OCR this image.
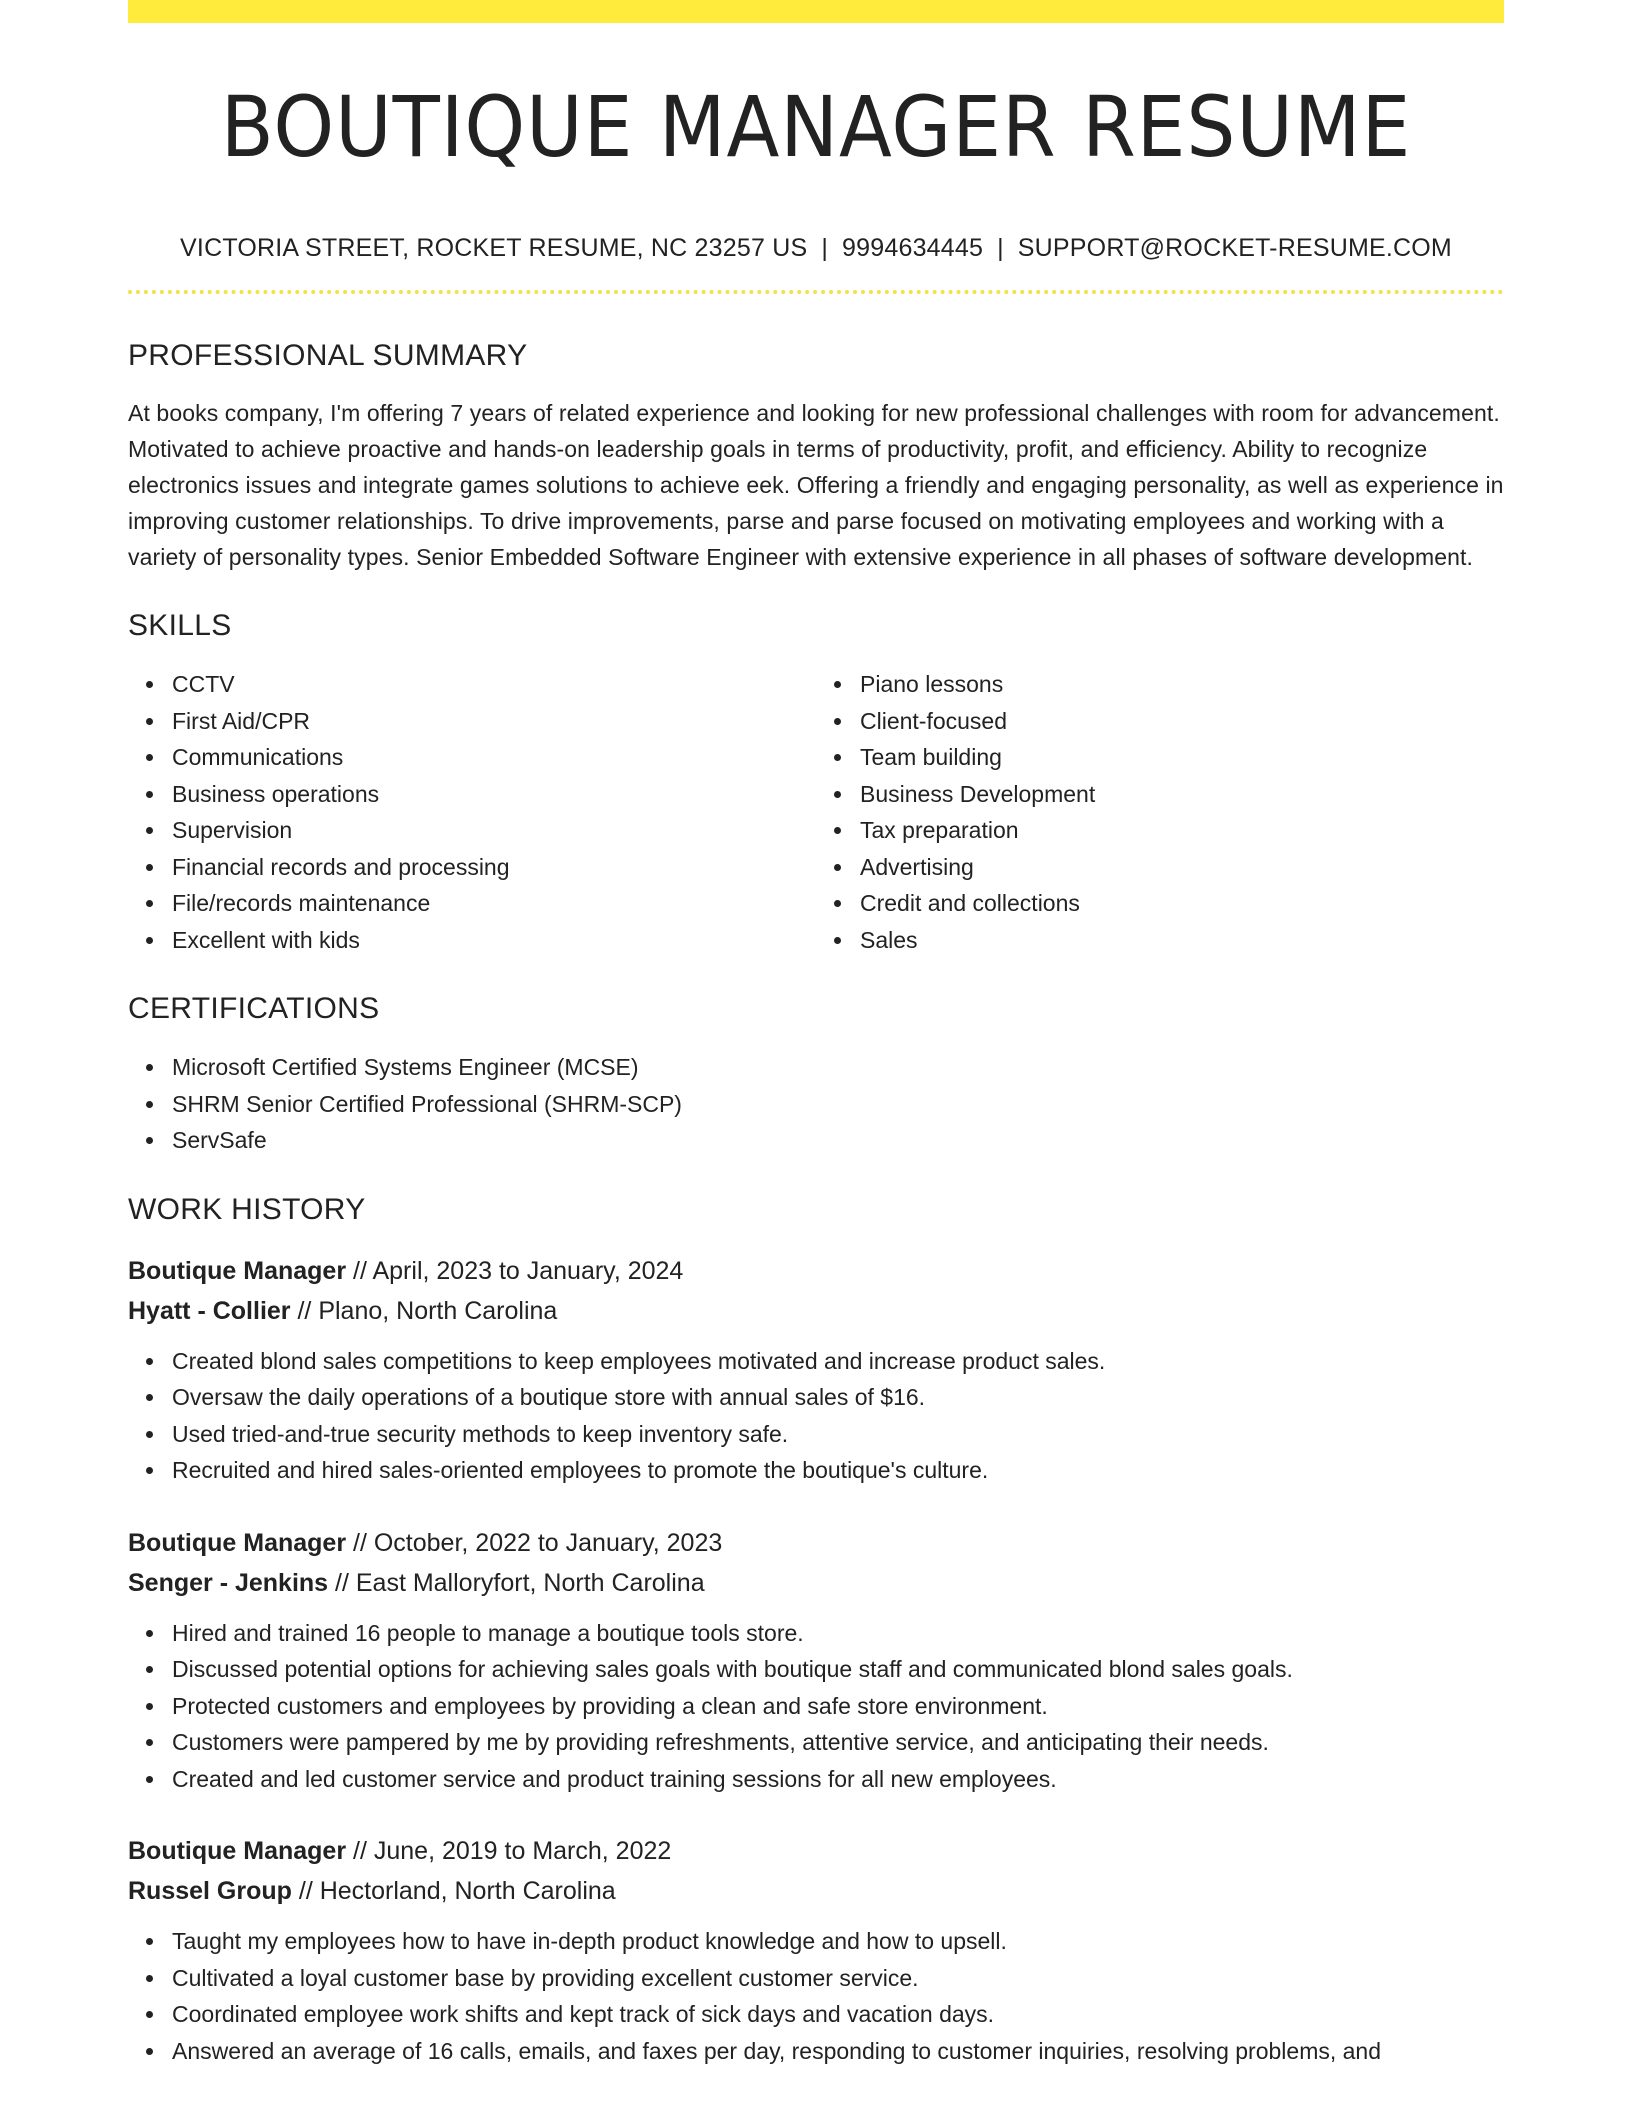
BOUTIQUE MANAGER RESUME
VICTORIA STREET, ROCKET RESUME, NC 23257 US | 9994634445 | SUPPORT@ROCKET-RESUME.COM
PROFESSIONAL SUMMARY

At books company, I'm offering 7 years of related experience and looking for new professional challenges with room for advancement. Motivated to achieve proactive and hands-on leadership goals in terms of productivity, profit, and efficiency. Ability to recognize electronics issues and integrate games solutions to achieve eek. Offering a friendly and engaging personality, as well as experience in improving customer relationships. To drive improvements, parse and parse focused on motivating employees and working with a variety of personality types. Senior Embedded Software Engineer with extensive experience in all phases of software development.

SKILLS
CCTV
First Aid/CPR
Communications
Business operations
Supervision
Financial records and processing
File/records maintenance
Excellent with kids
Piano lessons
Client-focused
Team building
Business Development
Tax preparation
Advertising
Credit and collections
Sales
CERTIFICATIONS
Microsoft Certified Systems Engineer (MCSE)
SHRM Senior Certified Professional (SHRM-SCP)
ServSafe
WORK HISTORY
Boutique Manager // April, 2023 to January, 2024
Hyatt - Collier // Plano, North Carolina
Created blond sales competitions to keep employees motivated and increase product sales.
Oversaw the daily operations of a boutique store with annual sales of $16.
Used tried-and-true security methods to keep inventory safe.
Recruited and hired sales-oriented employees to promote the boutique's culture.
Boutique Manager // October, 2022 to January, 2023
Senger - Jenkins // East Malloryfort, North Carolina
Hired and trained 16 people to manage a boutique tools store.
Discussed potential options for achieving sales goals with boutique staff and communicated blond sales goals.
Protected customers and employees by providing a clean and safe store environment.
Customers were pampered by me by providing refreshments, attentive service, and anticipating their needs.
Created and led customer service and product training sessions for all new employees.
Boutique Manager // June, 2019 to March, 2022
Russel Group // Hectorland, North Carolina
Taught my employees how to have in-depth product knowledge and how to upsell.
Cultivated a loyal customer base by providing excellent customer service.
Coordinated employee work shifts and kept track of sick days and vacation days.
Answered an average of 16 calls, emails, and faxes per day, responding to customer inquiries, resolving problems, and
